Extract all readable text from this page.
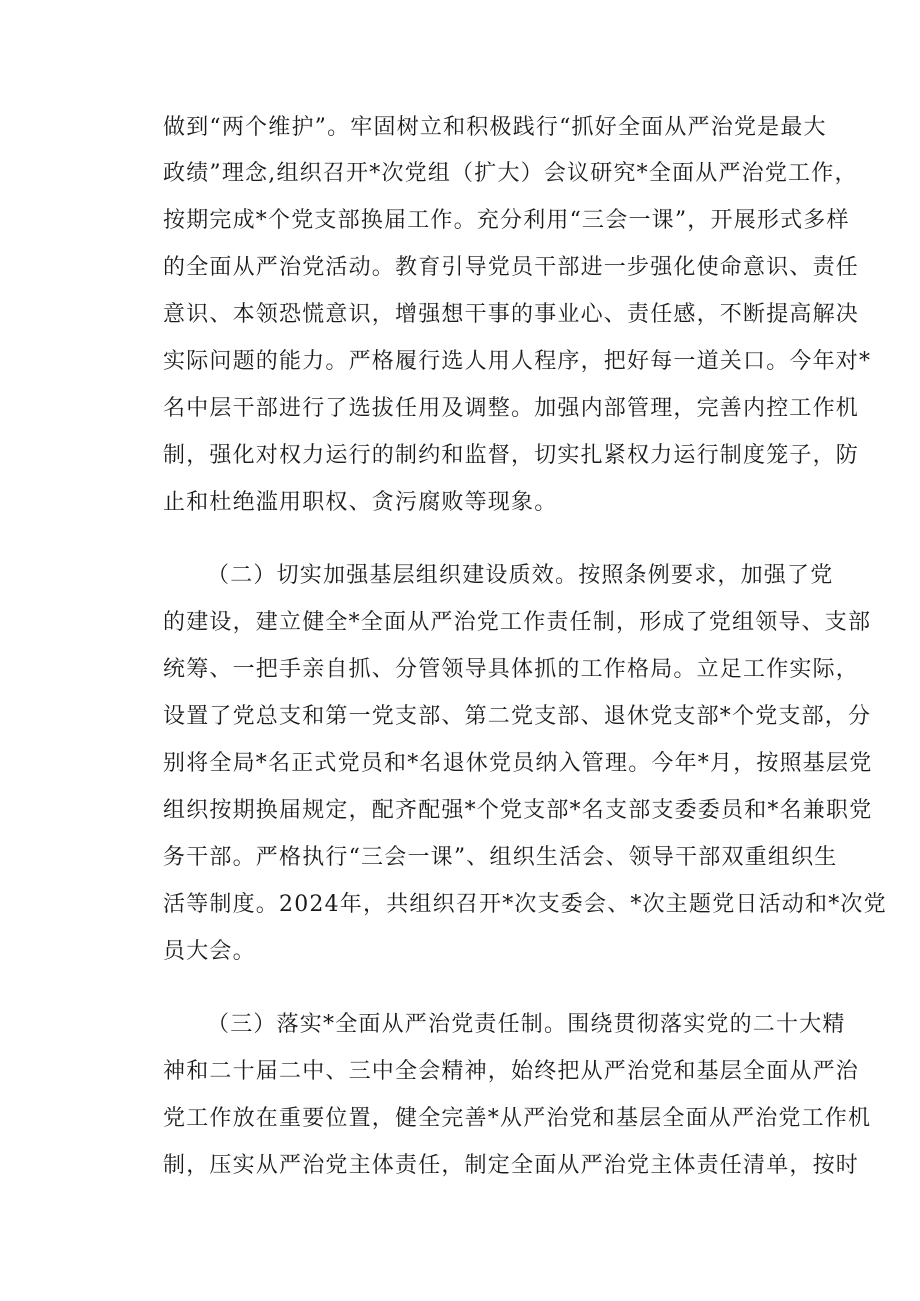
做到“两个维护”。牢固树立和积极践行“抓好全面从严治党是最大
政绩”理念,组织召开*次党组（扩大）会议研究*全面从严治党工作，
按期完成*个党支部换届工作。充分利用“三会一课”，开展形式多样
的全面从严治党活动。教育引导党员干部进一步强化使命意识、责任
意识、本领恐慌意识，增强想干事的事业心、责任感，不断提高解决
实际问题的能力。严格履行选人用人程序，把好每一道关口。今年对*
名中层干部进行了选拔任用及调整。加强内部管理，完善内控工作机
制，强化对权力运行的制约和监督，切实扎紧权力运行制度笼子，防
止和杜绝滥用职权、贪污腐败等现象。
（二）切实加强基层组织建设质效。按照条例要求，加强了党
的建设，建立健全*全面从严治党工作责任制，形成了党组领导、支部
统筹、一把手亲自抓、分管领导具体抓的工作格局。立足工作实际，
设置了党总支和第一党支部、第二党支部、退休党支部*个党支部，分
别将全局*名正式党员和*名退休党员纳入管理。今年*月，按照基层党
组织按期换届规定，配齐配强*个党支部*名支部支委委员和*名兼职党
务干部。严格执行“三会一课”、组织生活会、领导干部双重组织生
活等制度。2024年，共组织召开*次支委会、*次主题党日活动和*次党
员大会。
（三）落实*全面从严治党责任制。围绕贯彻落实党的二十大精
神和二十届二中、三中全会精神，始终把从严治党和基层全面从严治
党工作放在重要位置，健全完善*从严治党和基层全面从严治党工作机
制，压实从严治党主体责任，制定全面从严治党主体责任清单，按时
